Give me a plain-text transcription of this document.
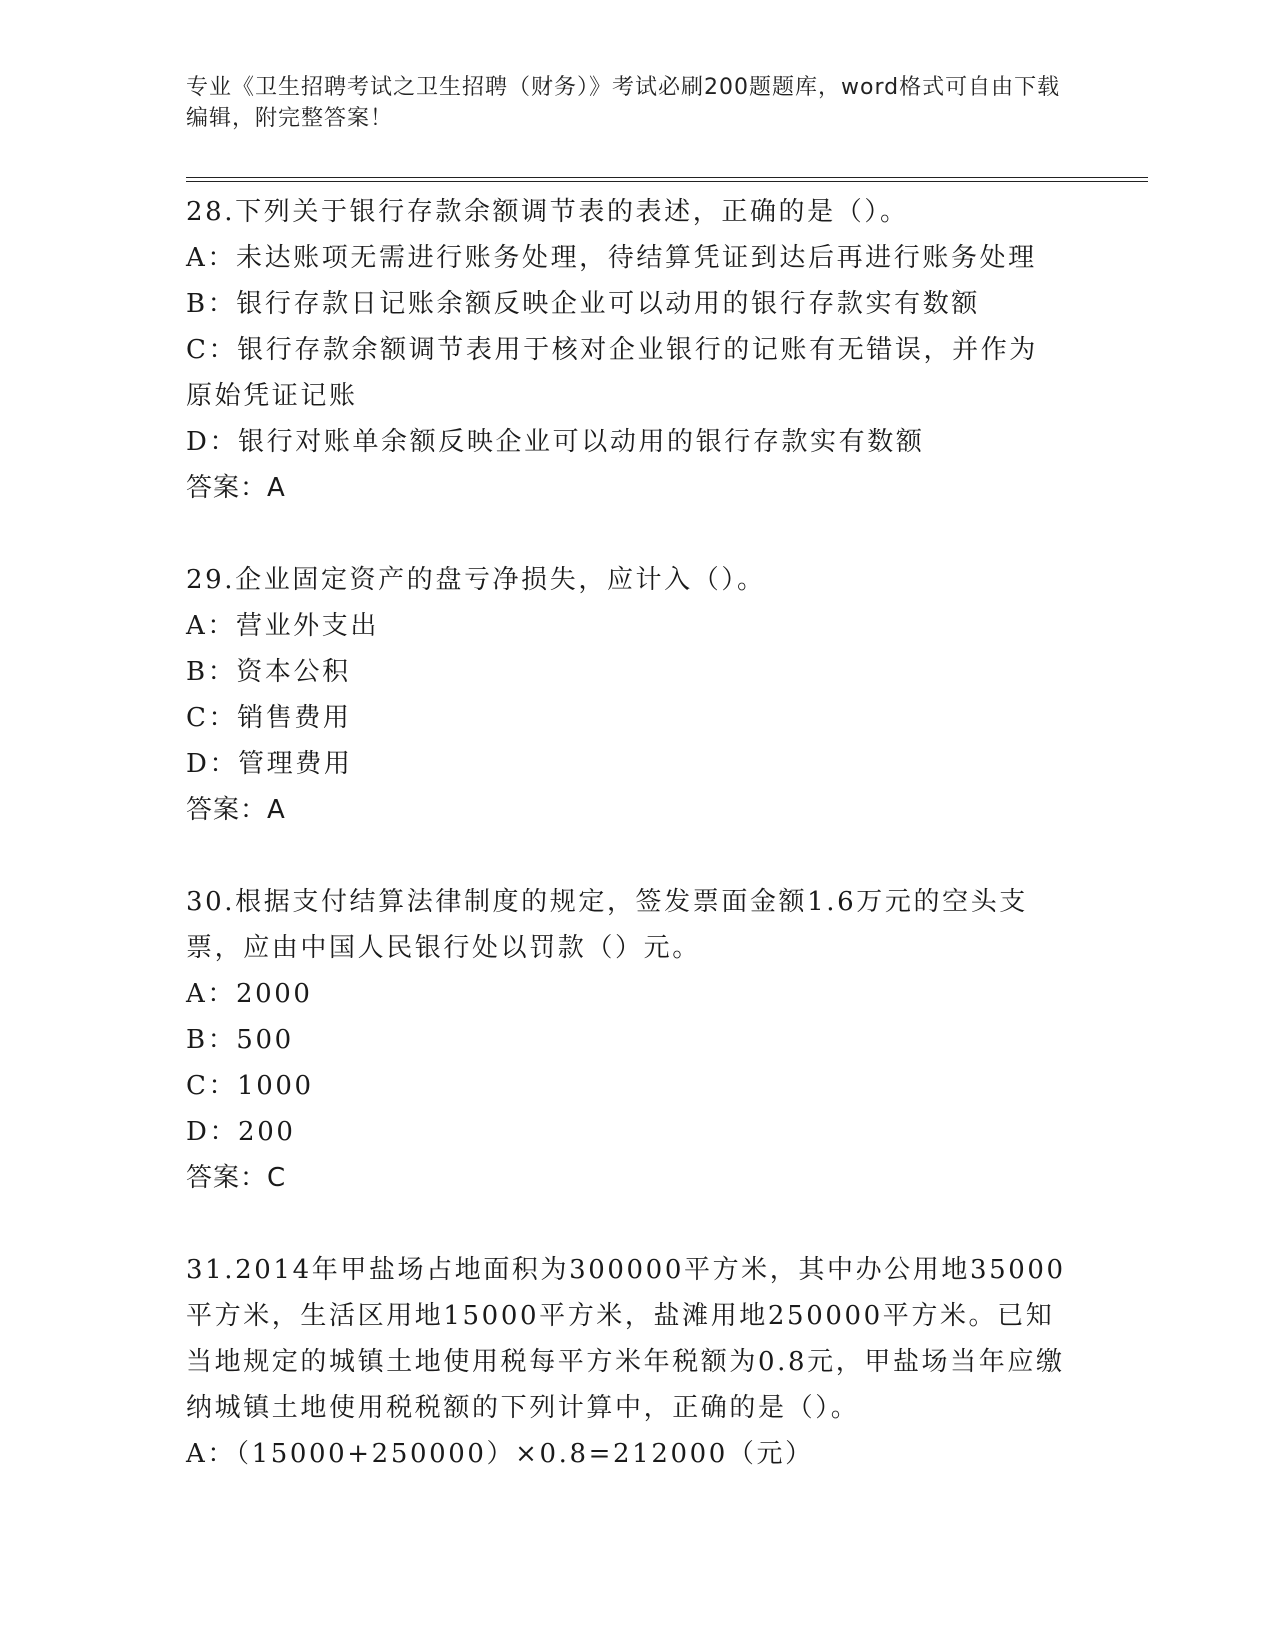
专业《卫生招聘考试之卫生招聘（财务）》考试必刷200题题库，word格式可自由下载编辑，附完整答案！

28.下列关于银行存款余额调节表的表述，正确的是（）。

A：未达账项无需进行账务处理，待结算凭证到达后再进行账务处理

B：银行存款日记账余额反映企业可以动用的银行存款实有数额

C：银行存款余额调节表用于核对企业银行的记账有无错误，并作为原始凭证记账

D：银行对账单余额反映企业可以动用的银行存款实有数额

答案：A

29.企业固定资产的盘亏净损失，应计入（）。

A：营业外支出

B：资本公积

C：销售费用

D：管理费用

答案：A

30.根据支付结算法律制度的规定，签发票面金额1.6万元的空头支票，应由中国人民银行处以罚款（）元。

A：2000

B：500

C：1000

D：200

答案：C

31.2014年甲盐场占地面积为300000平方米，其中办公用地35000平方米，生活区用地15000平方米，盐滩用地250000平方米。已知当地规定的城镇土地使用税每平方米年税额为0.8元，甲盐场当年应缴纳城镇土地使用税税额的下列计算中，正确的是（）。

A：（15000+250000）×0.8=212000（元）
